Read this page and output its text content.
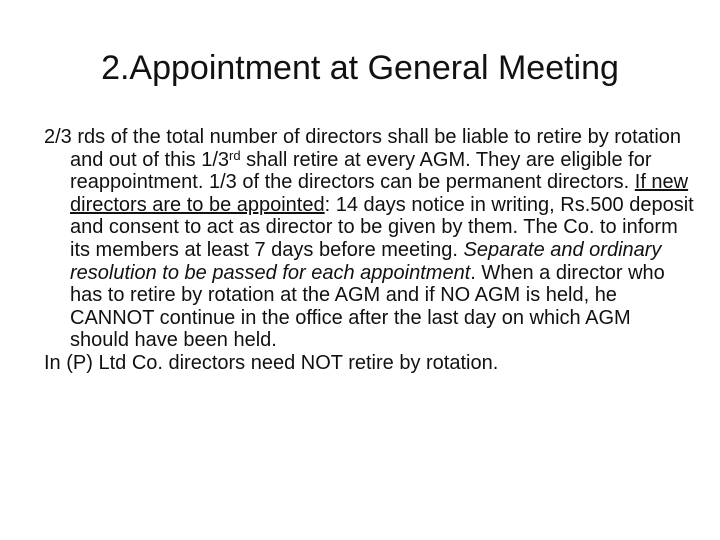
2.Appointment at General Meeting

2/3 rds of the total number of directors shall be liable to retire by rotation and out of this 1/3rd shall retire at every AGM. They are eligible for reappointment. 1/3 of the directors can be permanent directors. If new directors are to be appointed: 14 days notice in writing, Rs.500 deposit and consent to act as director to be given by them. The Co. to inform its members at least 7 days before meeting. Separate and ordinary resolution to be passed for each appointment. When a director who has to retire by rotation at the AGM and if NO AGM is held, he CANNOT continue in the office after the last day on which AGM should have been held.

In (P) Ltd Co. directors need NOT retire by rotation.
